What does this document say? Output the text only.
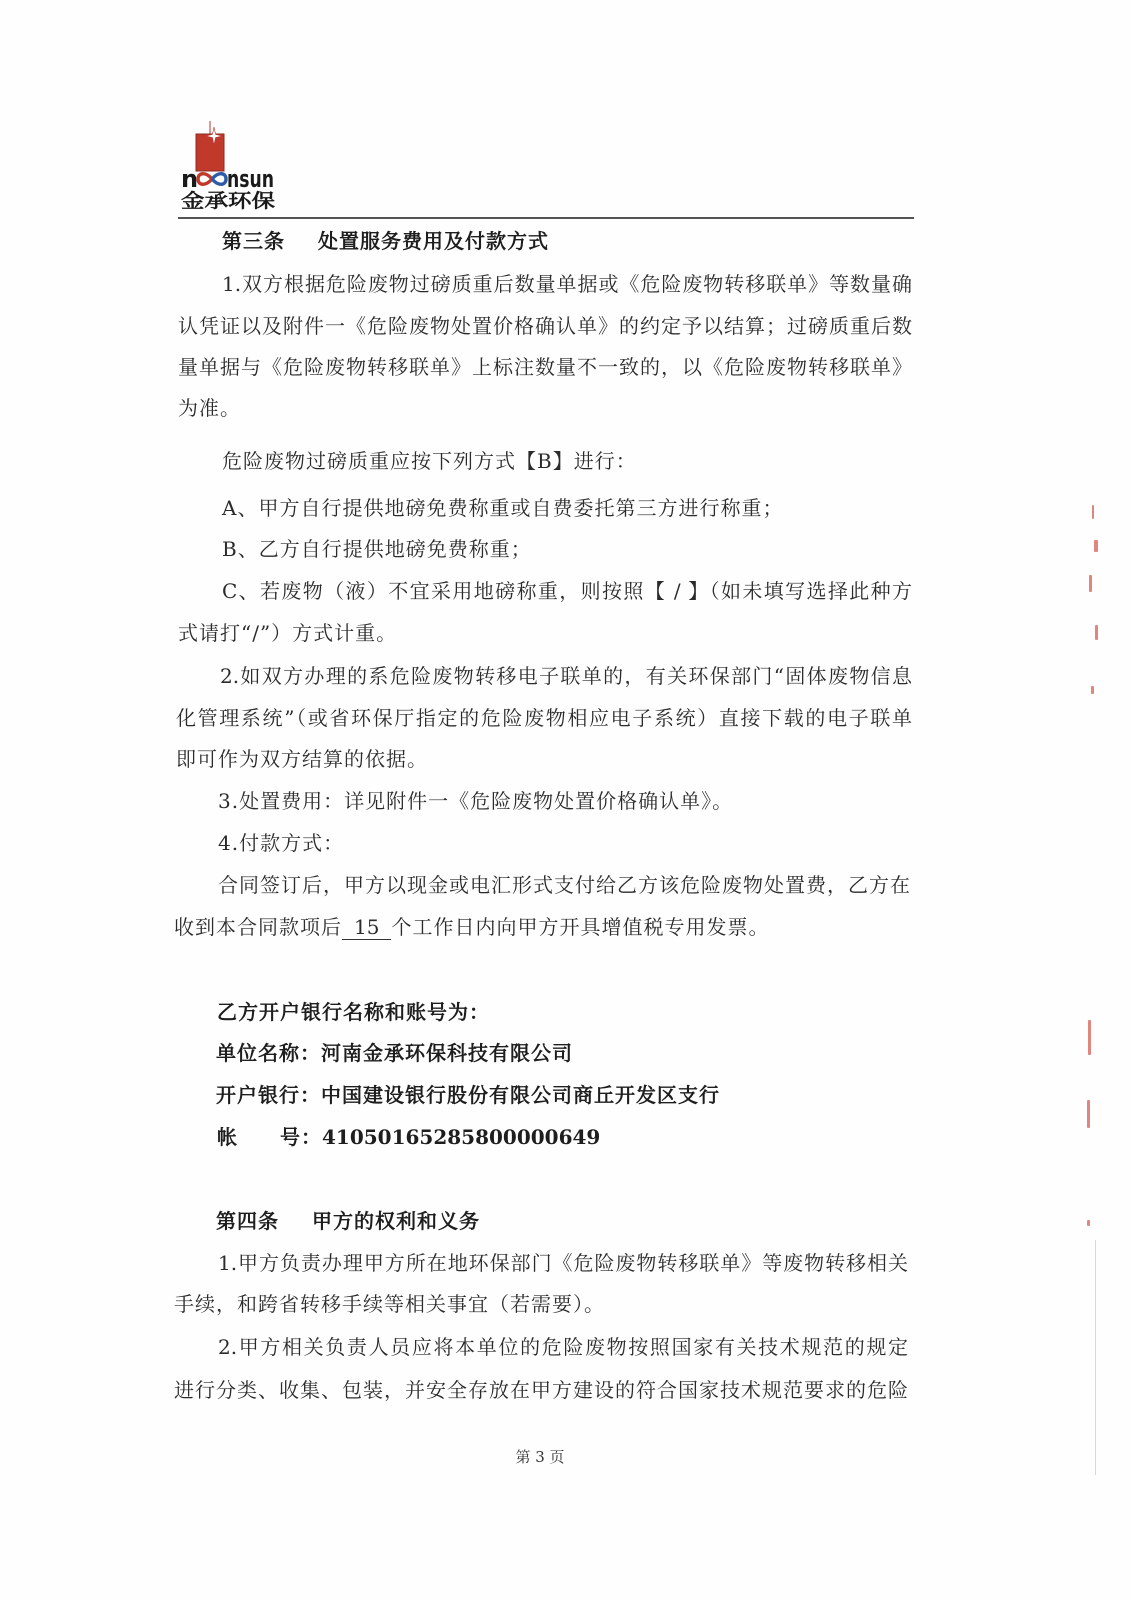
n nsun
金承环保
第三条 处置服务费用及付款方式
1.双方根据危险废物过磅质重后数量单据或《危险废物转移联单》等数量确
认凭证以及附件一《危险废物处置价格确认单》的约定予以结算；过磅质重后数
量单据与《危险废物转移联单》上标注数量不一致的，以《危险废物转移联单》
为准。
危险废物过磅质重应按下列方式【B】进行：
A、甲方自行提供地磅免费称重或自费委托第三方进行称重；
B、乙方自行提供地磅免费称重；
C、若废物（液）不宜采用地磅称重，则按照【 / 】（如未填写选择此种方
式请打“/”）方式计重。
2.如双方办理的系危险废物转移电子联单的，有关环保部门“固体废物信息
化管理系统”（或省环保厅指定的危险废物相应电子系统）直接下载的电子联单
即可作为双方结算的依据。
3.处置费用：详见附件一《危险废物处置价格确认单》。
4.付款方式：
合同签订后，甲方以现金或电汇形式支付给乙方该危险废物处置费，乙方在
收到本合同款项后 15 个工作日内向甲方开具增值税专用发票。
乙方开户银行名称和账号为：
单位名称：河南金承环保科技有限公司
开户银行：中国建设银行股份有限公司商丘开发区支行
帐　　号：41050165285800000649
第四条 甲方的权利和义务
1.甲方负责办理甲方所在地环保部门《危险废物转移联单》等废物转移相关
手续，和跨省转移手续等相关事宜（若需要）。
2.甲方相关负责人员应将本单位的危险废物按照国家有关技术规范的规定
进行分类、收集、包装，并安全存放在甲方建设的符合国家技术规范要求的危险
第 3 页
